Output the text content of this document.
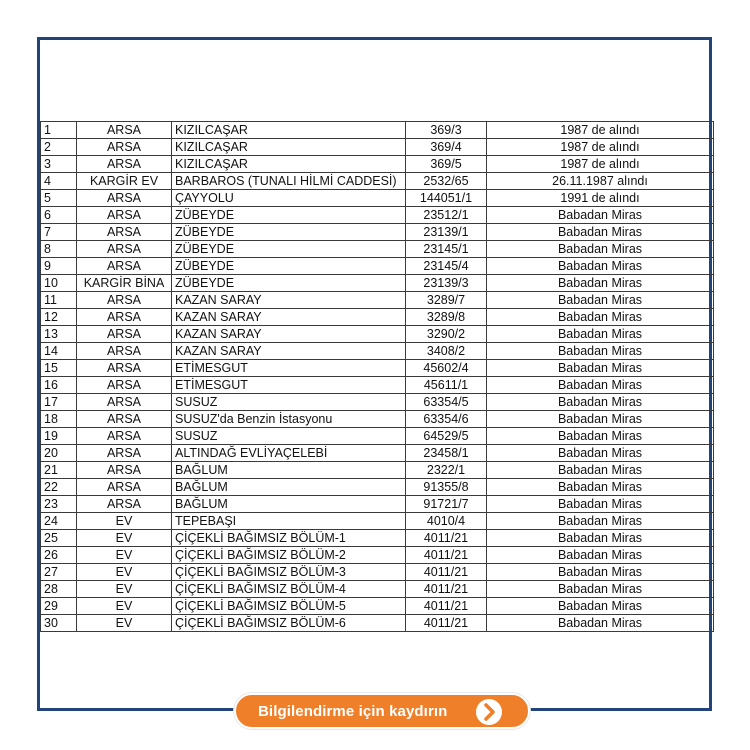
1	ARSA	KIZILCAŞAR	369/3	1987 de alındı
2	ARSA	KIZILCAŞAR	369/4	1987 de alındı
3	ARSA	KIZILCAŞAR	369/5	1987 de alındı
4	KARGİR EV	BARBAROS (TUNALI HİLMİ CADDESİ)	2532/65	26.11.1987 alındı
5	ARSA	ÇAYYOLU	144051/1	1991 de alındı
6	ARSA	ZÜBEYDE	23512/1	Babadan Miras
7	ARSA	ZÜBEYDE	23139/1	Babadan Miras
8	ARSA	ZÜBEYDE	23145/1	Babadan Miras
9	ARSA	ZÜBEYDE	23145/4	Babadan Miras
10	KARGİR BİNA	ZÜBEYDE	23139/3	Babadan Miras
11	ARSA	KAZAN SARAY	3289/7	Babadan Miras
12	ARSA	KAZAN SARAY	3289/8	Babadan Miras
13	ARSA	KAZAN SARAY	3290/2	Babadan Miras
14	ARSA	KAZAN SARAY	3408/2	Babadan Miras
15	ARSA	ETİMESGUT	45602/4	Babadan Miras
16	ARSA	ETİMESGUT	45611/1	Babadan Miras
17	ARSA	SUSUZ	63354/5	Babadan Miras
18	ARSA	SUSUZ'da Benzin İstasyonu	63354/6	Babadan Miras
19	ARSA	SUSUZ	64529/5	Babadan Miras
20	ARSA	ALTINDAĞ EVLİYAÇELEBİ	23458/1	Babadan Miras
21	ARSA	BAĞLUM	2322/1	Babadan Miras
22	ARSA	BAĞLUM	91355/8	Babadan Miras
23	ARSA	BAĞLUM	91721/7	Babadan Miras
24	EV	TEPEBAŞI	4010/4	Babadan Miras
25	EV	ÇİÇEKLİ BAĞIMSIZ BÖLÜM-1	4011/21	Babadan Miras
26	EV	ÇİÇEKLİ BAĞIMSIZ BÖLÜM-2	4011/21	Babadan Miras
27	EV	ÇİÇEKLİ BAĞIMSIZ BÖLÜM-3	4011/21	Babadan Miras
28	EV	ÇİÇEKLİ BAĞIMSIZ BÖLÜM-4	4011/21	Babadan Miras
29	EV	ÇİÇEKLİ BAĞIMSIZ BÖLÜM-5	4011/21	Babadan Miras
30	EV	ÇİÇEKLİ BAĞIMSIZ BÖLÜM-6	4011/21	Babadan Miras
Bilgilendirme için kaydırın
